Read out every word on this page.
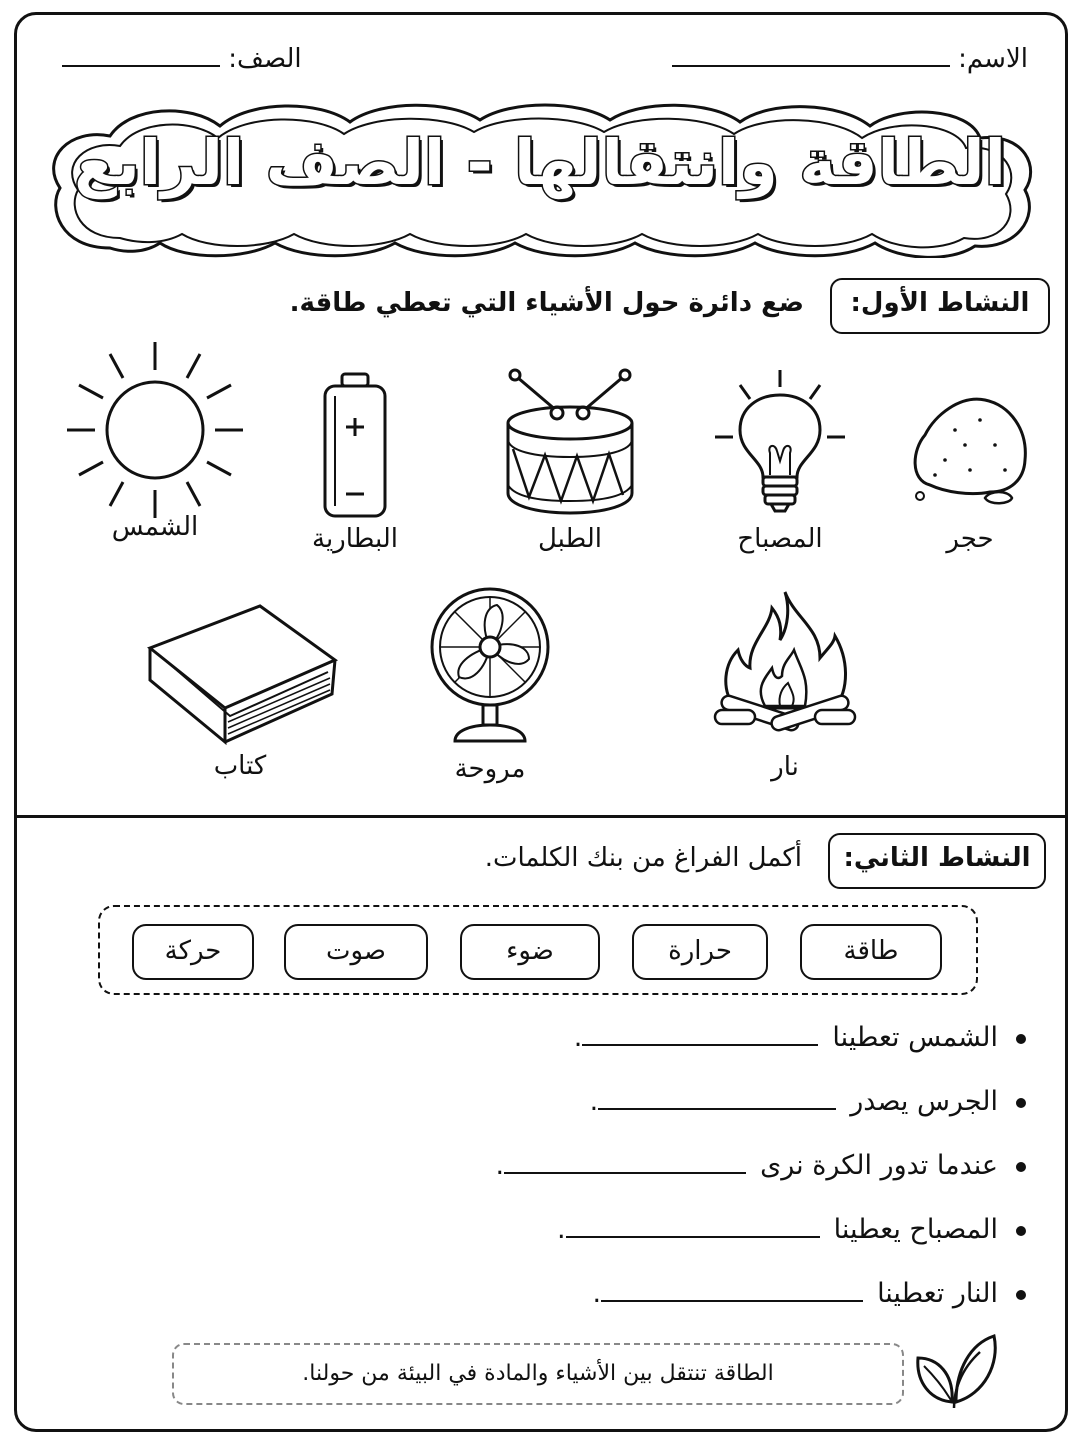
الاسم:
الصف:
الطاقة وانتقالها - الصف الرابع
النشاط الأول:
ضع دائرة حول الأشياء التي تعطي طاقة.
حجر
المصباح
الطبل
البطارية
الشمس
نار
مروحة
كتاب
النشاط الثاني:
أكمل الفراغ من بنك الكلمات.
طاقة
حرارة
ضوء
صوت
حركة
الشمس تعطينا.
الجرس يصدر.
عندما تدور الكرة نرى.
المصباح يعطينا.
النار تعطينا.
الطاقة تنتقل بين الأشياء والمادة في البيئة من حولنا.
